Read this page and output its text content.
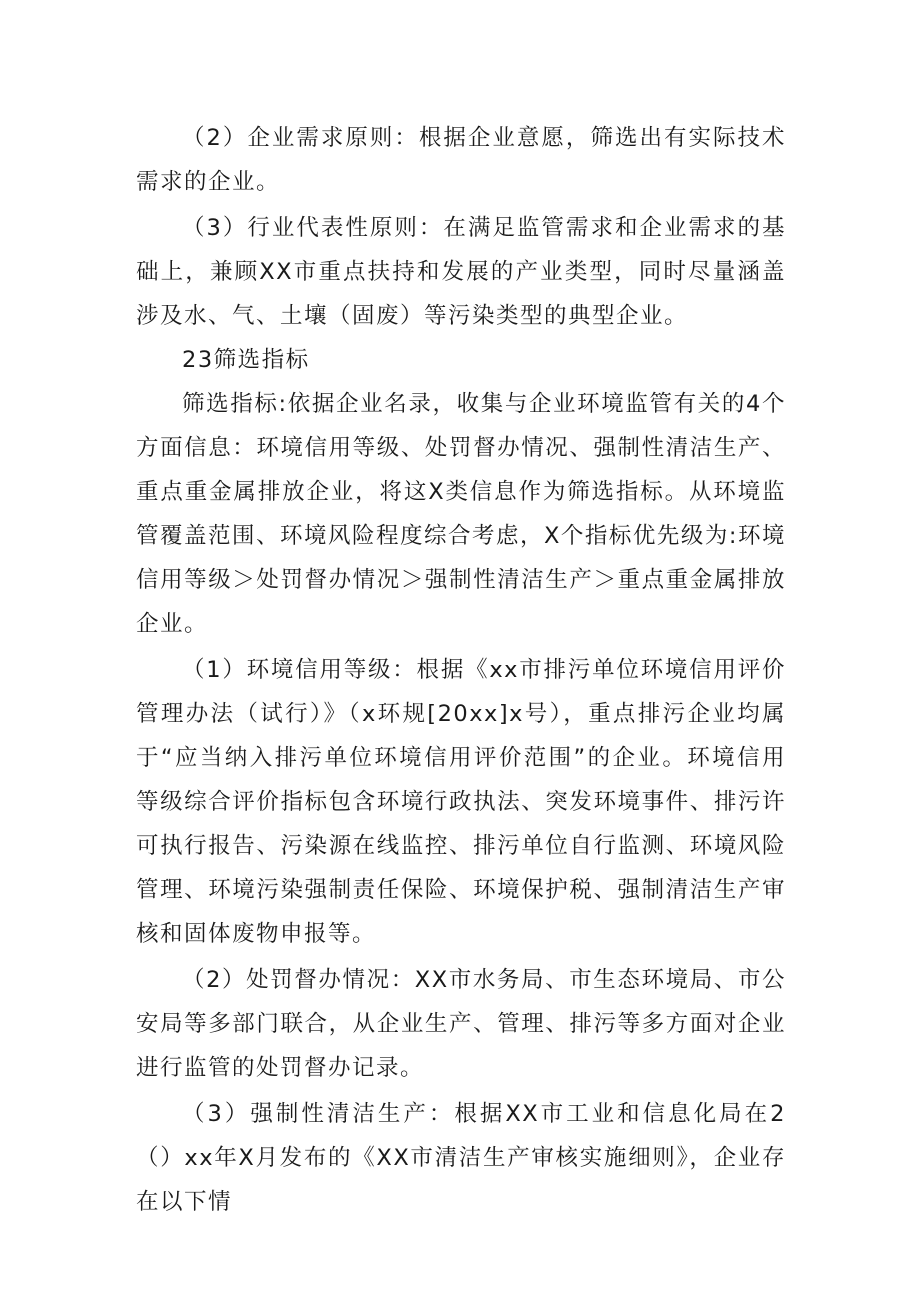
（2）企业需求原则：根据企业意愿，筛选出有实际技术需求的企业。

（3）行业代表性原则：在满足监管需求和企业需求的基础上，兼顾XX市重点扶持和发展的产业类型，同时尽量涵盖涉及水、气、土壤（固废）等污染类型的典型企业。

23筛选指标

筛选指标:依据企业名录，收集与企业环境监管有关的4个方面信息：环境信用等级、处罚督办情况、强制性清洁生产、重点重金属排放企业，将这X类信息作为筛选指标。从环境监管覆盖范围、环境风险程度综合考虑，X个指标优先级为:环境信用等级＞处罚督办情况＞强制性清洁生产＞重点重金属排放企业。

（1）环境信用等级：根据《xx市排污单位环境信用评价管理办法（试行）》（x环规[20xx]x号），重点排污企业均属于“应当纳入排污单位环境信用评价范围”的企业。环境信用等级综合评价指标包含环境行政执法、突发环境事件、排污许可执行报告、污染源在线监控、排污单位自行监测、环境风险管理、环境污染强制责任保险、环境保护税、强制清洁生产审核和固体废物申报等。

（2）处罚督办情况：XX市水务局、市生态环境局、市公安局等多部门联合，从企业生产、管理、排污等多方面对企业进行监管的处罚督办记录。

（3）强制性清洁生产：根据XX市工业和信息化局在2（）xx年X月发布的《XX市清洁生产审核实施细则》，企业存在以下情
